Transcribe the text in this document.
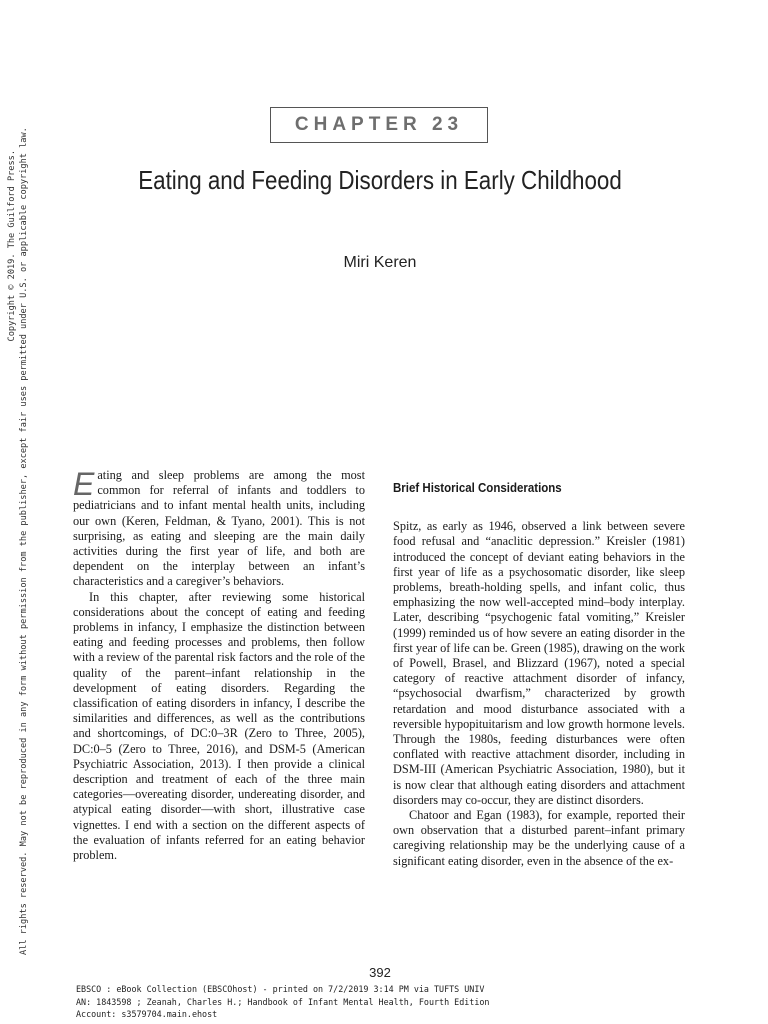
Copyright © 2019. The Guilford Press. All rights reserved. May not be reproduced in any form without permission from the publisher, except fair uses permitted under U.S. or applicable copyright law.
CHAPTER 23
Eating and Feeding Disorders in Early Childhood
Miri Keren

Eating and sleep problems are among the most common for referral of infants and toddlers to pediatricians and to infant mental health units, including our own (Keren, Feldman, & Tyano, 2001). This is not surprising, as eating and sleeping are the main daily activities during the first year of life, and both are dependent on the interplay between an infant’s characteristics and a caregiver’s behaviors.

In this chapter, after reviewing some historical considerations about the concept of eating and feeding problems in infancy, I emphasize the distinction between eating and feeding processes and problems, then follow with a review of the parental risk factors and the role of the quality of the parent–infant relationship in the development of eating disorders. Regarding the classification of eating disorders in infancy, I describe the similarities and differences, as well as the contributions and shortcomings, of DC:0–3R (Zero to Three, 2005), DC:0–5 (Zero to Three, 2016), and DSM-5 (American Psychiatric Association, 2013). I then provide a clinical description and treatment of each of the three main categories—overeating disorder, undereating disorder, and atypical eating disorder—with short, illustrative case vignettes. I end with a section on the different aspects of the evaluation of infants referred for an eating behavior problem.

Brief Historical Considerations

Spitz, as early as 1946, observed a link between severe food refusal and “anaclitic depression.” Kreisler (1981) introduced the concept of deviant eating behaviors in the first year of life as a psychosomatic disorder, like sleep problems, breath-holding spells, and infant colic, thus emphasizing the now well-accepted mind–body interplay. Later, describing “psychogenic fatal vomiting,” Kreisler (1999) reminded us of how severe an eating disorder in the first year of life can be. Green (1985), drawing on the work of Powell, Brasel, and Blizzard (1967), noted a special category of reactive attachment disorder of infancy, “psychosocial dwarfism,” characterized by growth retardation and mood disturbance associated with a reversible hypopituitarism and low growth hormone levels. Through the 1980s, feeding disturbances were often conflated with reactive attachment disorder, including in DSM-III (American Psychiatric Association, 1980), but it is now clear that although eating disorders and attachment disorders may co-occur, they are distinct disorders.

Chatoor and Egan (1983), for example, reported their own observation that a disturbed parent–infant primary caregiving relationship may be the underlying cause of a significant eating disorder, even in the absence of the ex-

392
EBSCO : eBook Collection (EBSCOhost) - printed on 7/2/2019 3:14 PM via TUFTS UNIV
AN: 1843598 ; Zeanah, Charles H.; Handbook of Infant Mental Health, Fourth Edition
Account: s3579704.main.ehost
